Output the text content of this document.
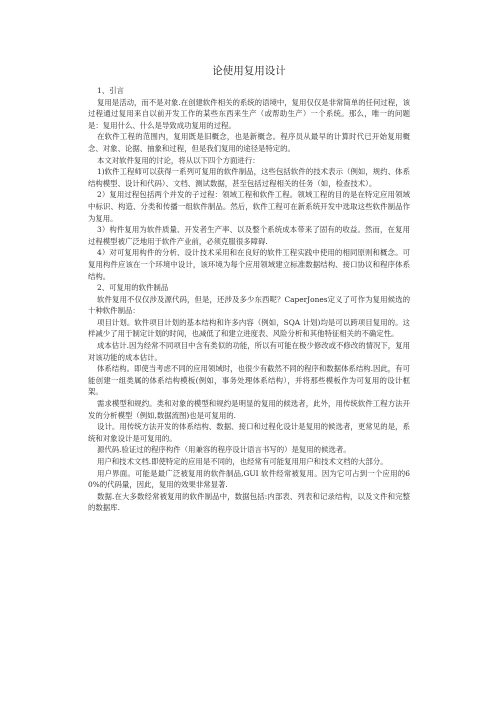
论使用复用设计

1、引言

复用是活动，而不是对象.在创建软件相关的系统的语境中，复用仅仅是非常简单的任何过程，该过程通过复用来自以前开发工作的某些东西来生产（或帮助生产）一个系统。那么，唯一的问题是：复用什么、什么是导致成功复用的过程。

在软件工程的范围内，复用既是旧概念，也是新概念。程序员从最早的计算时代已开始复用概念、对象、论据、抽象和过程，但是我们复用的途径是特定的。

本文对软件复用的讨论，将从以下四个方面进行：

1)软件工程师可以获得一系列可复用的软件制品，这些包括软件的技术表示（例如，规约、体系结构模型、设计和代码）、文档、测试数据，甚至包括过程相关的任务（如，检查技术）。

2）复用过程包括两个并发的子过程：领域工程和软件工程。领域工程的目的是在特定应用领域中标识、构造、分类和传播一组软件制品。然后，软件工程可在新系统开发中选取这些软件制品作为复用。

3）构件复用为软件质量、开发者生产率、以及整个系统成本带来了固有的收益。然而，在复用过程模型被广泛地用于软件产业前，必须克服很多障碍.

4）对可复用构件的分析、设计技术采用和在良好的软件工程实践中使用的相同原则和概念。可复用构件应该在一个环境中设计，该环境为每个应用领域建立标准数据结构、接口协议和程序体系结构。

2、可复用的软件制品

软件复用不仅仅涉及源代码，但是，还涉及多少东西呢？CaperJones定义了可作为复用候选的十种软件制品：

项目计划。软件项目计划的基本结构和许多内容（例如，SQA 计划)均是可以跨项目复用的。这样减少了用于制定计划的时间，也减低了和建立进度表、风险分析和其他特征相关的不确定性。

成本估计.因为经常不同项目中含有类似的功能，所以有可能在极少修改或不修改的情况下，复用对该功能的成本估计。

体系结构。即使当考虑不同的应用领域时，也很少有截然不同的程序和数据体系结构.因此，有可能创建一组类属的体系结构模板(例如，事务处理体系结构），并将那些模板作为可复用的设计框架。

需求模型和规约。类和对象的模型和规约是明显的复用的候选者，此外，用传统软件工程方法开发的分析模型（例如,数据流图)也是可复用的.

设计。用传统方法开发的体系结构、数据、接口和过程化设计是复用的候选者，更常见的是，系统和对象设计是可复用的。

源代码.验证过的程序构件（用兼容的程序设计语言书写的）是复用的候选者。

用户和技术文档.即使特定的应用是不同的，也经常有可能复用用户和技术文档的大部分。

用户界面。可能是最广泛被复用的软件制品,GUI 软件经常被复用。因为它可占到一个应用的60%的代码量，因此，复用的效果非常显著.

数据.在大多数经常被复用的软件制品中，数据包括:内部表、列表和记录结构，以及文件和完整的数据库.
